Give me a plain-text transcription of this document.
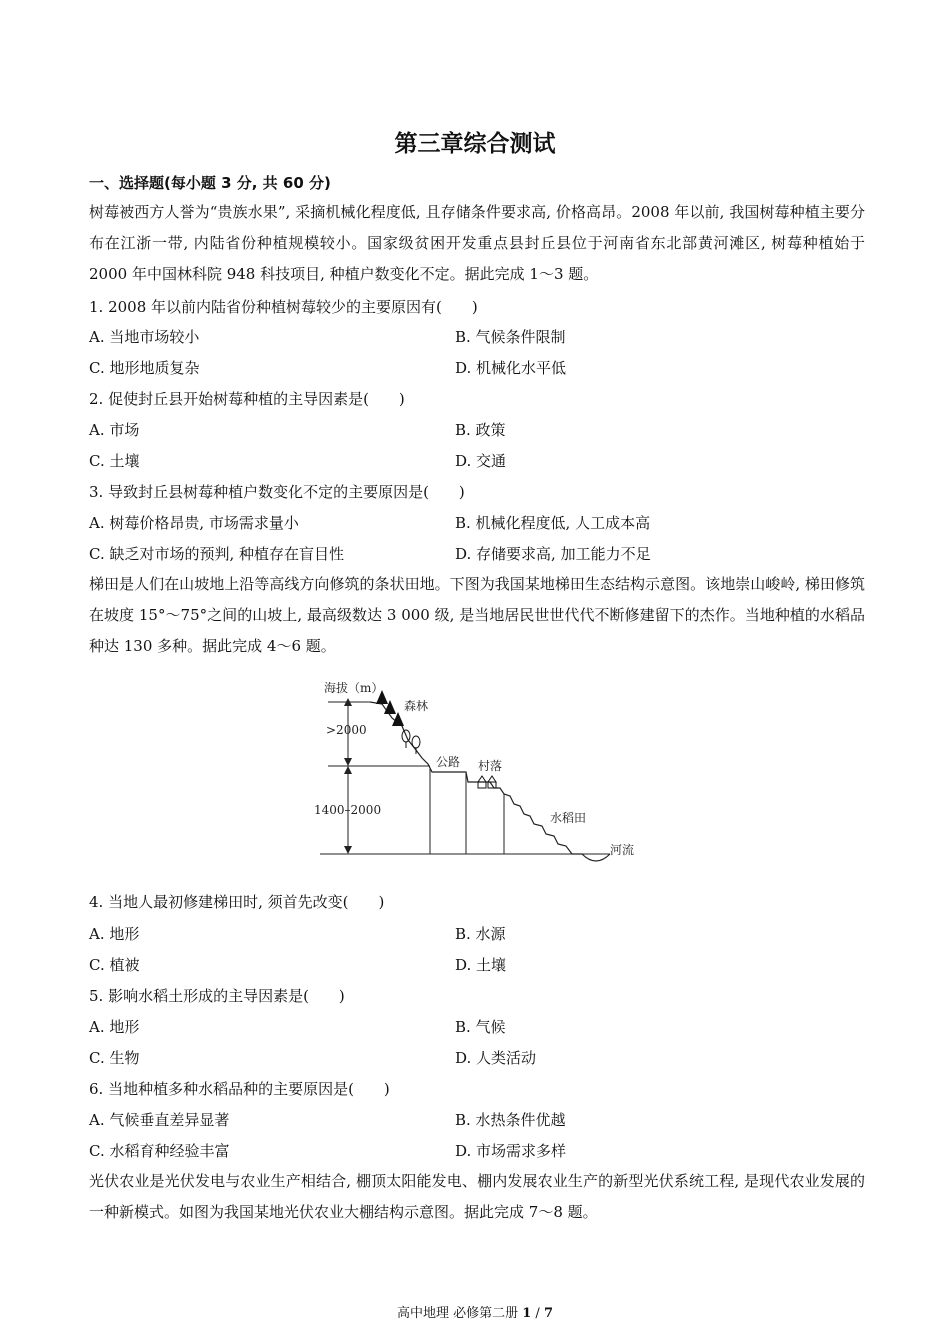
第三章综合测试
一、选择题(每小题 3 分, 共 60 分)
树莓被西方人誉为“贵族水果”, 采摘机械化程度低, 且存储条件要求高, 价格高昂。2008 年以前, 我国树莓种植主要分布在江浙一带, 内陆省份种植规模较小。国家级贫困开发重点县封丘县位于河南省东北部黄河滩区, 树莓种植始于 2000 年中国林科院 948 科技项目, 种植户数变化不定。据此完成 1～3 题。
1. 2008 年以前内陆省份种植树莓较少的主要原因有(　　)
A. 当地市场较小	B. 气候条件限制
C. 地形地质复杂	D. 机械化水平低
2. 促使封丘县开始树莓种植的主导因素是(　　)
A. 市场	B. 政策
C. 土壤	D. 交通
3. 导致封丘县树莓种植户数变化不定的主要原因是(　　)
A. 树莓价格昂贵, 市场需求量小	B. 机械化程度低, 人工成本高
C. 缺乏对市场的预判, 种植存在盲目性	D. 存储要求高, 加工能力不足
梯田是人们在山坡地上沿等高线方向修筑的条状田地。下图为我国某地梯田生态结构示意图。该地崇山峻岭, 梯田修筑在坡度 15°～75°之间的山坡上, 最高级数达 3 000 级, 是当地居民世世代代不断修建留下的杰作。当地种植的水稻品种达 130 多种。据此完成 4～6 题。
海拔（m）
>2000
1400–2000
森林
公路 村落
水稻田
河流
4. 当地人最初修建梯田时, 须首先改变(　　)
A. 地形	B. 水源
C. 植被	D. 土壤
5. 影响水稻土形成的主导因素是(　　)
A. 地形	B. 气候
C. 生物	D. 人类活动
6. 当地种植多种水稻品种的主要原因是(　　)
A. 气候垂直差异显著	B. 水热条件优越
C. 水稻育种经验丰富	D. 市场需求多样
光伏农业是光伏发电与农业生产相结合, 棚顶太阳能发电、棚内发展农业生产的新型光伏系统工程, 是现代农业发展的一种新模式。如图为我国某地光伏农业大棚结构示意图。据此完成 7～8 题。
高中地理 必修第二册 1 / 7
